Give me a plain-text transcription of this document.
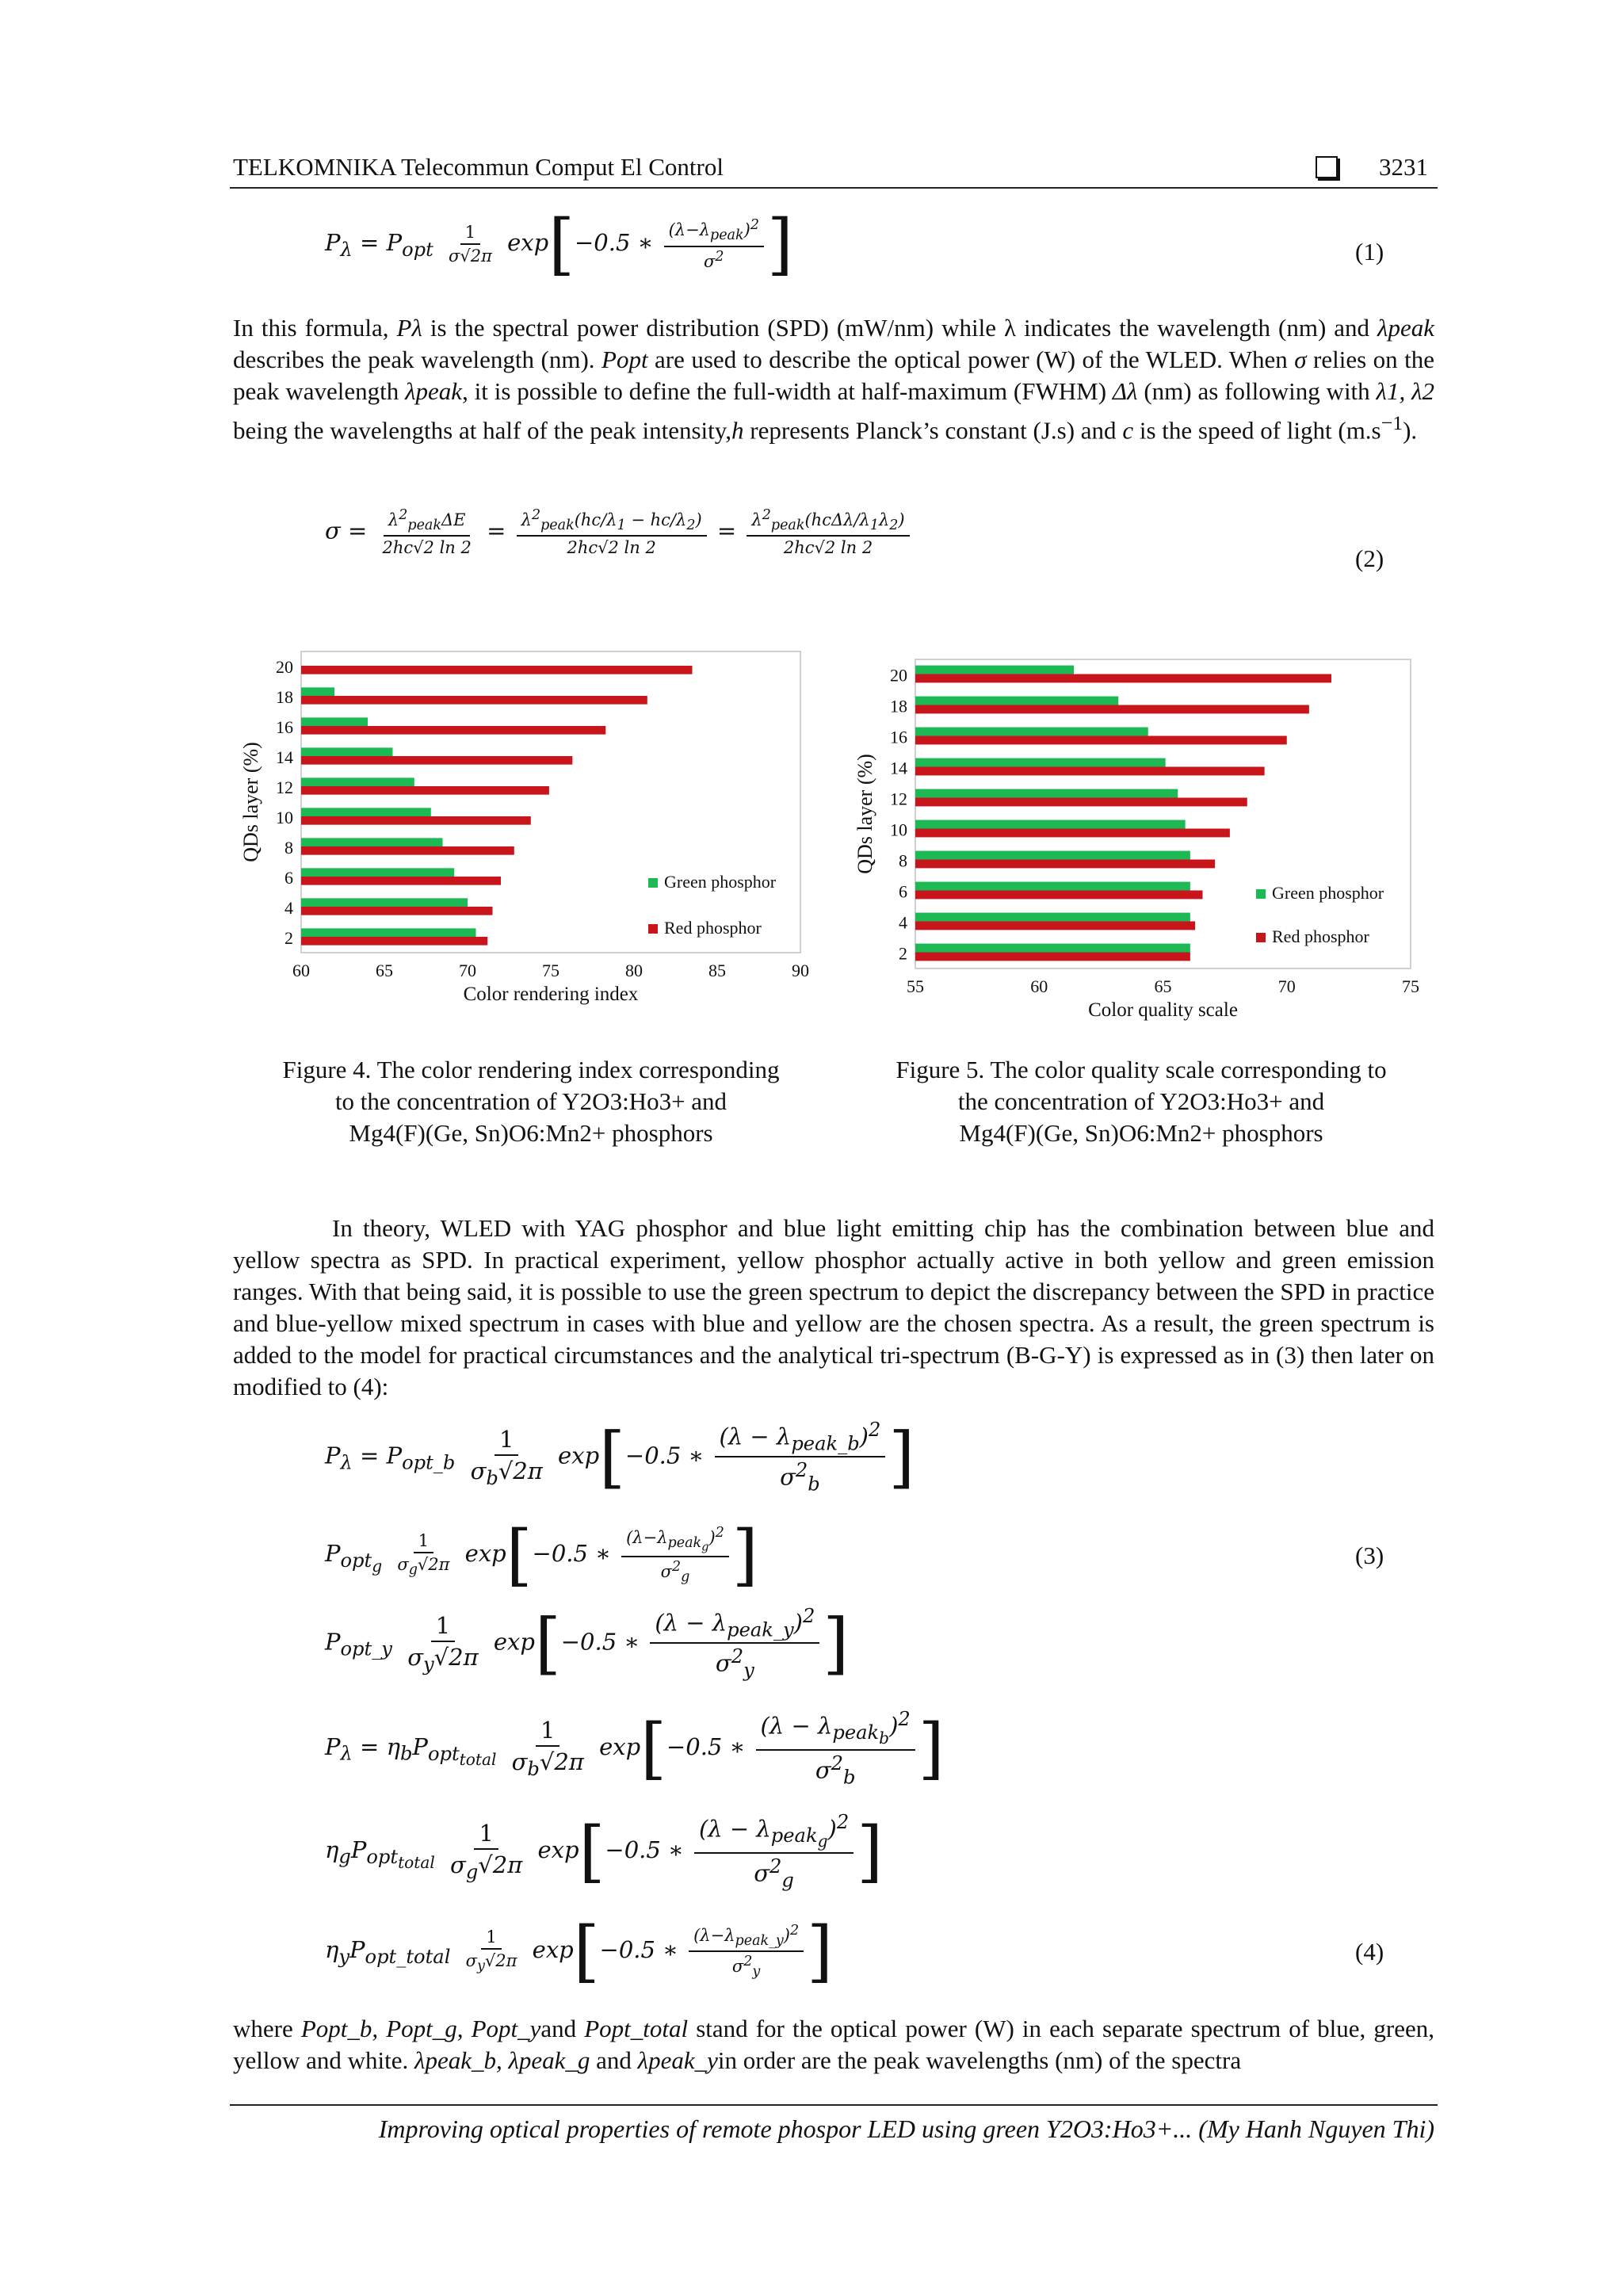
TELKOMNIKA Telecommun Comput El Control	3231
$P_\lambda = P_{opt} \frac{1}{\sigma√2\pi} \exp[-0.5$ ∗ $\frac{(\lambda-\lambda_{peak})^2}{\sigma^2}$ ]	(1)
In this formula, Pλ is the spectral power distribution (SPD) (mW/nm) while λ indicates the wavelength (nm) and λpeak describes the peak wavelength (nm). Popt are used to describe the optical power (W) of the WLED. When σ relies on the peak wavelength λpeak, it is possible to define the full-width at half-maximum (FWHM) Δλ (nm) as following with λ1, λ2 being the wavelengths at half of the peak intensity,h represents Planck’s constant (J.s) and c is the speed of light $(m.s^{-1})$.
$\sigma = \frac{\lambda^2_{peak}\Delta E}{2hc√2 \ln 2} = \frac{\lambda^2_{peak}(hc/\lambda_1 - hc/\lambda_2)}{2hc√2 \ln 2} = \frac{\lambda^2_{peak}(hc\Delta\lambda/\lambda_1\lambda_2)}{2hc√2 \ln 2}$
(2)
2
4
6
8
10
12
14
16
18
20
60	65	70	75	80	85	90
Color rendering index
QDs layer (%)
Green phosphor
Red phosphor
2
4
6
8
10
12
14
16
18
20
55	60	65	70	75
Color quality scale
QDs layer (%)
Green phosphor
Red phosphor
Figure 4. The color rendering index corresponding
to the concentration of Y2O3:Ho3+ and
Mg4(F)(Ge, Sn)O6:Mn2+ phosphors
Figure 5. The color quality scale corresponding to
the concentration of Y2O3:Ho3+ and
Mg4(F)(Ge, Sn)O6:Mn2+ phosphors
In theory, WLED with YAG phosphor and blue light emitting chip has the combination between blue and yellow spectra as SPD. In practical experiment, yellow phosphor actually active in both yellow and green emission ranges. With that being said, it is possible to use the green spectrum to depict the discrepancy between the SPD in practice and blue-yellow mixed spectrum in cases with blue and yellow are the chosen spectra. As a result, the green spectrum is added to the model for practical circumstances and the analytical tri-spectrum (B-G-Y) is expressed as in (3) then later on modified to (4):
$P_\lambda = P_{opt\_b} \frac{1}{\sigma_b√2\pi} \exp[-0.5$ ∗ $\frac{(\lambda - \lambda_{peak\_b})^2}{\sigma^2_b}$ ]
$P_{opt_g} \frac{1}{\sigma_g√2\pi} \exp[-0.5$ ∗ $\frac{(\lambda-\lambda_{peak_g})^2}{\sigma^2_g}$ ]	(3)
$P_{opt\_y} \frac{1}{\sigma_y√2\pi} \exp[-0.5$ ∗ $\frac{(\lambda - \lambda_{peak\_y})^2}{\sigma^2_y}$ ]
$P_\lambda = \eta_bP_{opt_{total}} \frac{1}{\sigma_b√2\pi} \exp[-0.5$ ∗ $\frac{(\lambda - \lambda_{peak_b})^2}{\sigma^2_b}$ ]
$\eta_gP_{opt_{total}} \frac{1}{\sigma_g√2\pi} \exp[-0.5$ ∗ $\frac{(\lambda - \lambda_{peak_g})^2}{\sigma^2_g}$ ]
$\eta_yP_{opt\_total} \frac{1}{\sigma_y√2\pi} \exp[-0.5$ ∗ $\frac{(\lambda-\lambda_{peak\_y})^2}{\sigma^2_y}$ ]	(4)
where Popt_b, Popt_g, Popt_yand Popt_total stand for the optical power (W) in each separate spectrum of blue, green, yellow and white. λpeak_b, λpeak_g and λpeak_yin order are the peak wavelengths (nm) of the spectra
Improving optical properties of remote phospor LED using green Y2O3:Ho3+... (My Hanh Nguyen Thi)
